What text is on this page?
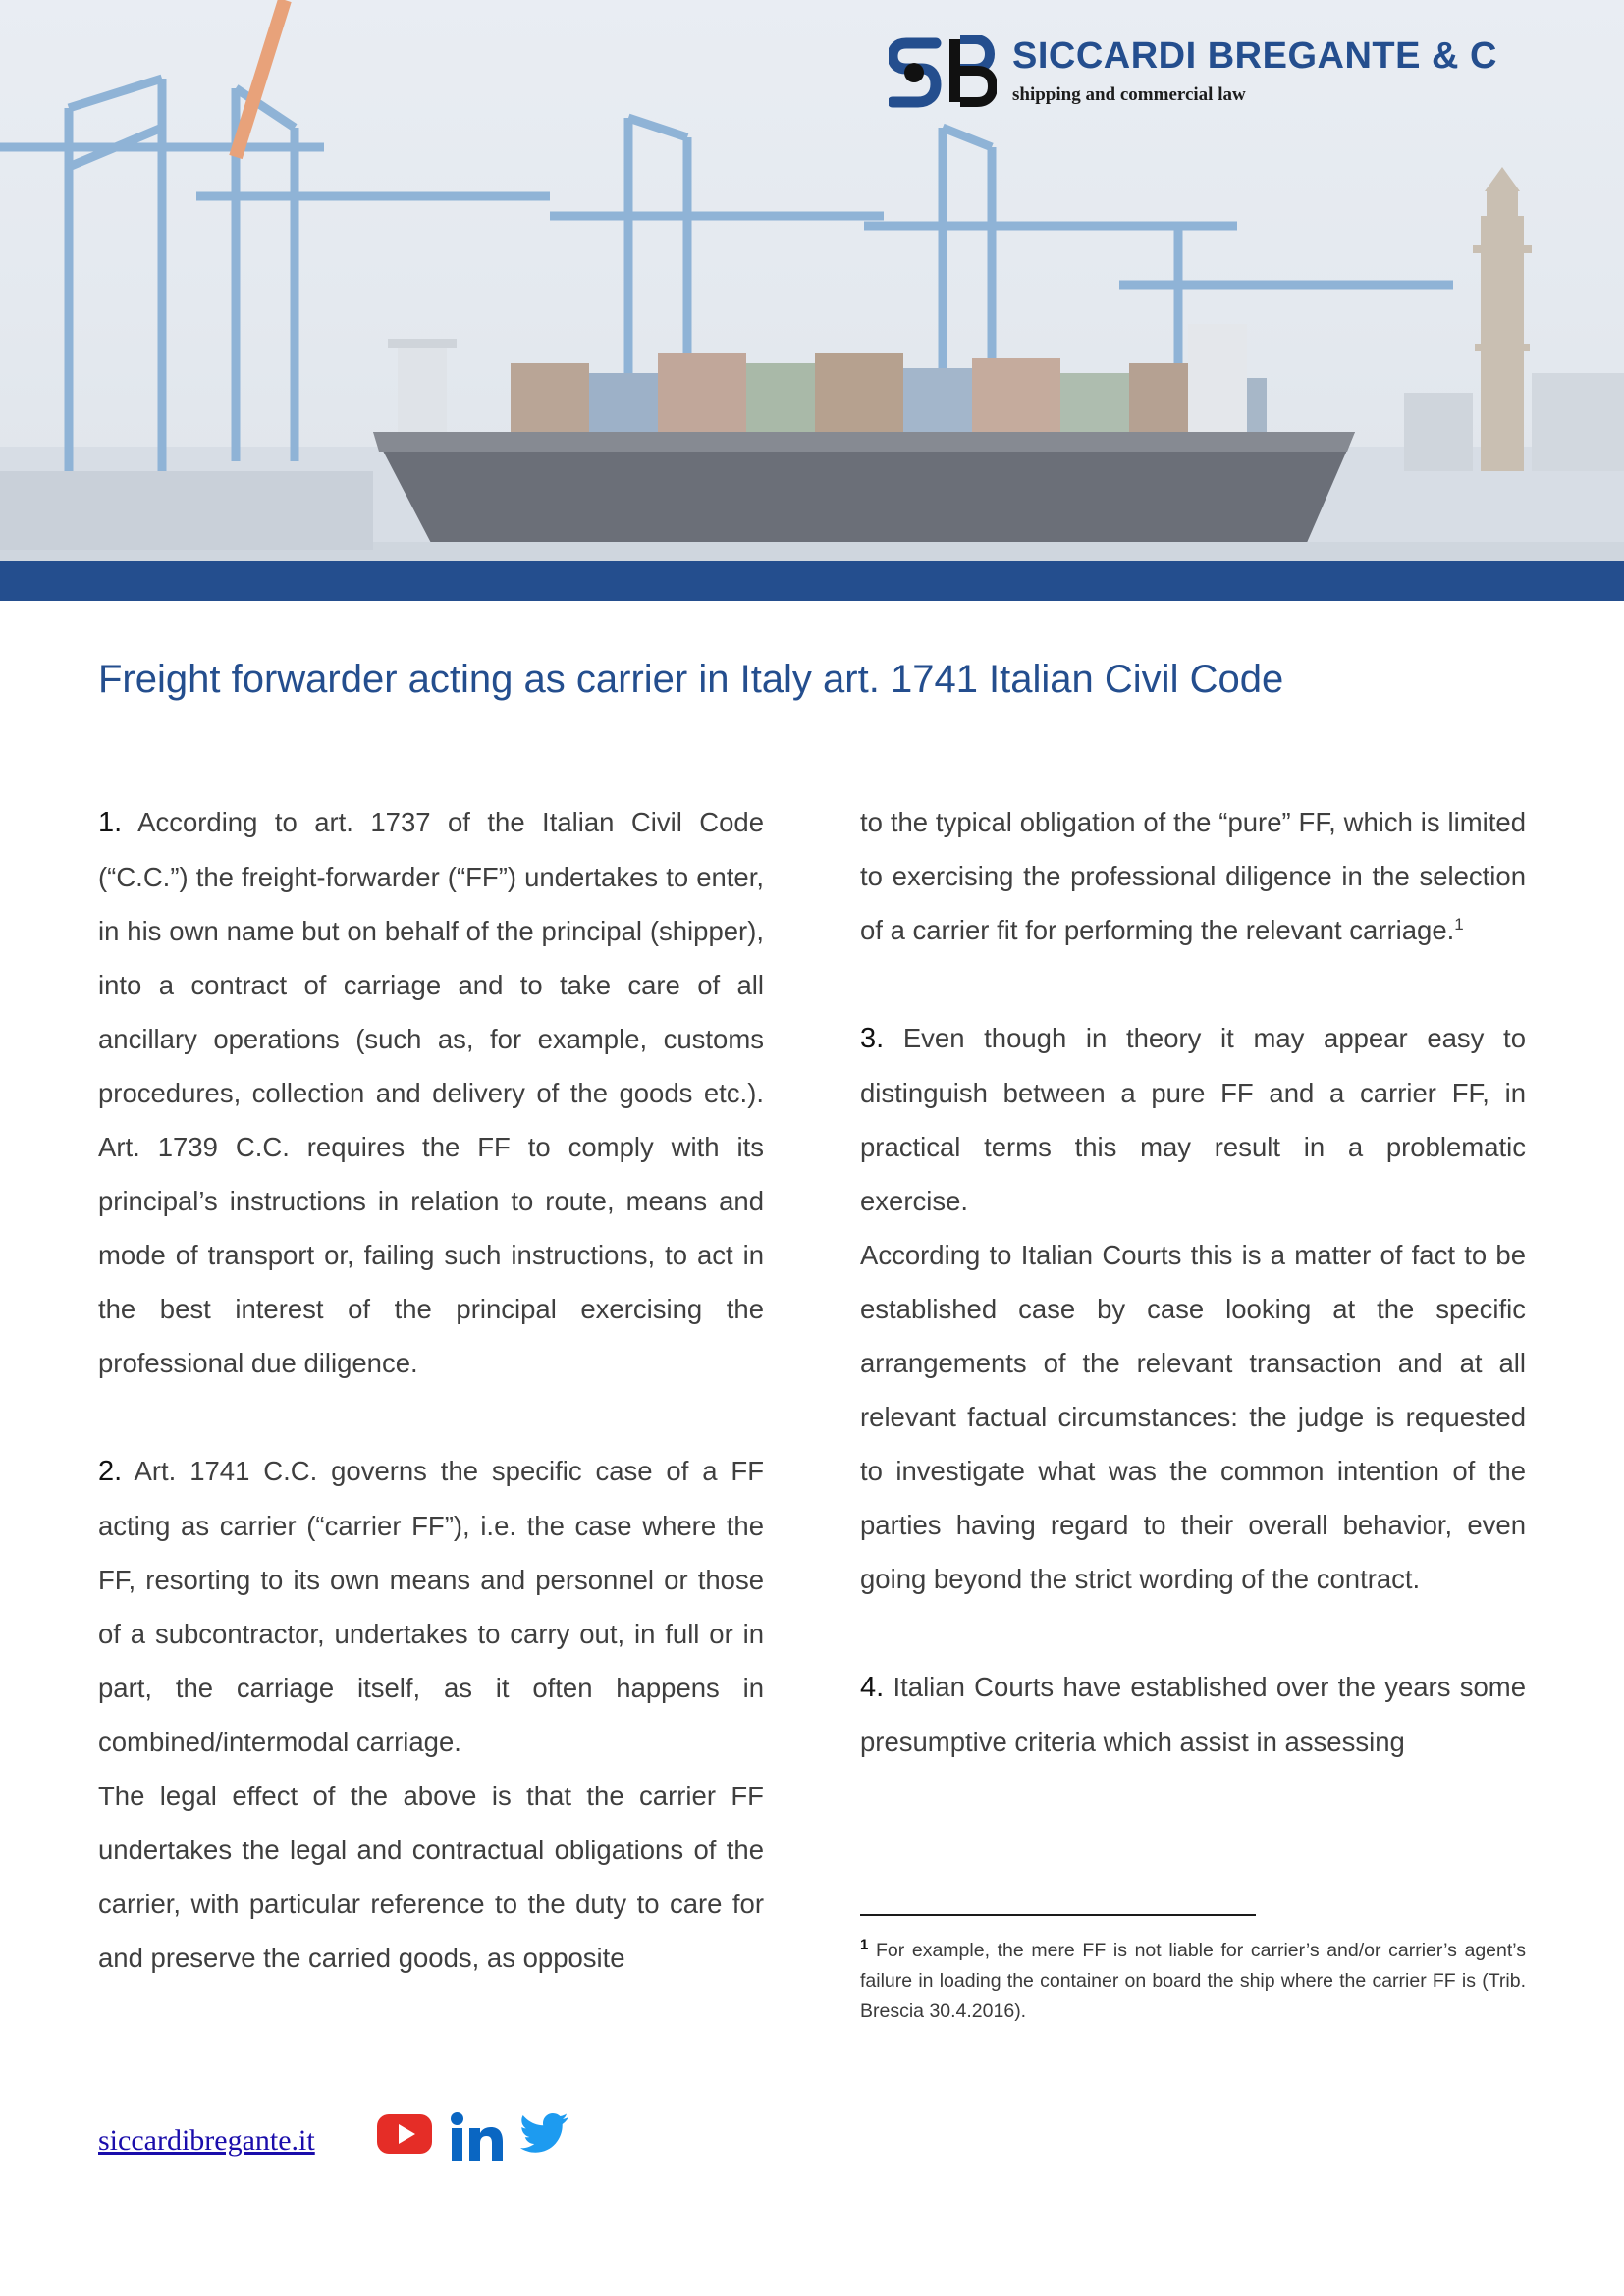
SICCARDI BREGANTE & C
shipping and commercial law
Freight forwarder acting as carrier in Italy art. 1741 Italian Civil Code

1. According to art. 1737 of the Italian Civil Code (“C.C.”) the freight-forwarder (“FF”) undertakes to enter, in his own name but on behalf of the principal (shipper), into a contract of carriage and to take care of all ancillary operations (such as, for example, customs procedures, collection and delivery of the goods etc.). Art. 1739 C.C. requires the FF to comply with its principal’s instructions in relation to route, means and mode of transport or, failing such instructions, to act in the best interest of the principal exercising the professional due diligence.

2. Art. 1741 C.C. governs the specific case of a FF acting as carrier (“carrier FF”), i.e. the case where the FF, resorting to its own means and personnel or those of a subcontractor, undertakes to carry out, in full or in part, the carriage itself, as it often happens in combined/intermodal carriage.

The legal effect of the above is that the carrier FF undertakes the legal and contractual obligations of the carrier, with particular reference to the duty to care for and preserve the carried goods, as opposite

to the typical obligation of the “pure” FF, which is limited to exercising the professional diligence in the selection of a carrier fit for performing the relevant carriage.$^1$

3. Even though in theory it may appear easy to distinguish between a pure FF and a carrier FF, in practical terms this may result in a problematic exercise.

According to Italian Courts this is a matter of fact to be established case by case looking at the specific arrangements of the relevant transaction and at all relevant factual circumstances: the judge is requested to investigate what was the common intention of the parties having regard to their overall behavior, even going beyond the strict wording of the contract.

4. Italian Courts have established over the years some presumptive criteria which assist in assessing

$^1$ For example, the mere FF is not liable for carrier’s and/or carrier’s agent’s failure in loading the container on board the ship where the carrier FF is (Trib. Brescia 30.4.2016).
siccardibregante.it
